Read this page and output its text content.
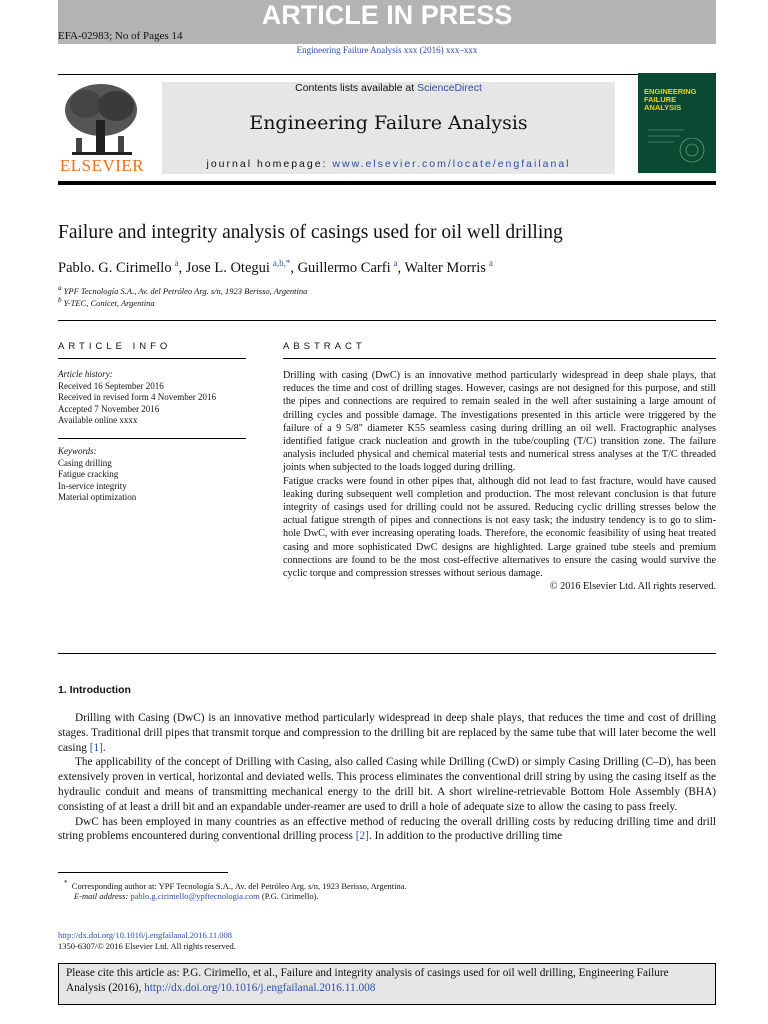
ARTICLE IN PRESS
EFA-02983; No of Pages 14
Engineering Failure Analysis xxx (2016) xxx–xxx
ELSEVIER
Contents lists available at ScienceDirect
Engineering Failure Analysis
journal homepage: www.elsevier.com/locate/engfailanal
ENGINEERING FAILURE ANALYSIS
Failure and integrity analysis of casings used for oil well drilling
Pablo. G. Cirimello  $^a$, Jose L. Otegui  $^{a,b,*}$, Guillermo Carfi  $^a$, Walter Morris  $^a$
$^a$ YPF Tecnología S.A., Av. del Petróleo Arg. s/n, 1923 Berisso, Argentina
$^b$ Y-TEC, Conicet, Argentina
ARTICLE INFO
Article history:
Received 16 September 2016
Received in revised form 4 November 2016
Accepted 7 November 2016
Available online xxxx
Keywords:
Casing drilling
Fatigue cracking
In-service integrity
Material optimization
ABSTRACT

Drilling with casing (DwC) is an innovative method particularly widespread in deep shale plays, that reduces the time and cost of drilling stages. However, casings are not designed for this purpose, and still the pipes and connections are required to remain sealed in the well after sustaining a large amount of drilling cycles and possible damage. The investigations presented in this article were triggered by the failure of a 9 5/8" diameter K55 seamless casing during drilling an oil well. Fractographic analyses identified fatigue crack nucleation and growth in the tube/coupling (T/C) transition zone. The failure analysis included physical and chemical material tests and numerical stress analyses at the T/C threaded joints when subjected to the loads logged during drilling.

Fatigue cracks were found in other pipes that, although did not lead to fast fracture, would have caused leaking during subsequent well completion and production. The most relevant conclusion is that future integrity of casings used for drilling could not be assured. Reducing cyclic drilling stresses below the actual fatigue strength of pipes and connections is not easy task; the industry tendency is to go to slim-hole DwC, with ever increasing operating loads. Therefore, the economic feasibility of using heat treated casing and more sophisticated DwC designs are highlighted. Large grained tube steels and premium connections are found to be the most cost-effective alternatives to ensure the casing would survive the cyclic torque and compression stresses without serious damage.

© 2016 Elsevier Ltd. All rights reserved.

1. Introduction

Drilling with Casing (DwC) is an innovative method particularly widespread in deep shale plays, that reduces the time and cost of drilling stages. Traditional drill pipes that transmit torque and compression to the drilling bit are replaced by the same tube that will later become the well casing [1].

The applicability of the concept of Drilling with Casing, also called Casing while Drilling (CwD) or simply Casing Drilling (C–D), has been extensively proven in vertical, horizontal and deviated wells. This process eliminates the conventional drill string by using the casing itself as the hydraulic conduit and means of transmitting mechanical energy to the drill bit. A short wireline-retrievable Bottom Hole Assembly (BHA) consisting of at least a drill bit and an expandable under-reamer are used to drill a hole of adequate size to allow the casing to pass freely.

DwC has been employed in many countries as an effective method of reducing the overall drilling costs by reducing drilling time and drill string problems encountered during conventional drilling process [2]. In addition to the productive drilling time

* Corresponding author at: YPF Tecnología S.A., Av. del Petróleo Arg. s/n, 1923 Berisso, Argentina.
E-mail address: pablo.g.cirimello@ypftecnologia.com (P.G. Cirimello).
http://dx.doi.org/10.1016/j.engfailanal.2016.11.008
1350-6307/© 2016 Elsevier Ltd. All rights reserved.
Please cite this article as: P.G. Cirimello, et al., Failure and integrity analysis of casings used for oil well drilling, Engineering Failure Analysis (2016), http://dx.doi.org/10.1016/j.engfailanal.2016.11.008
